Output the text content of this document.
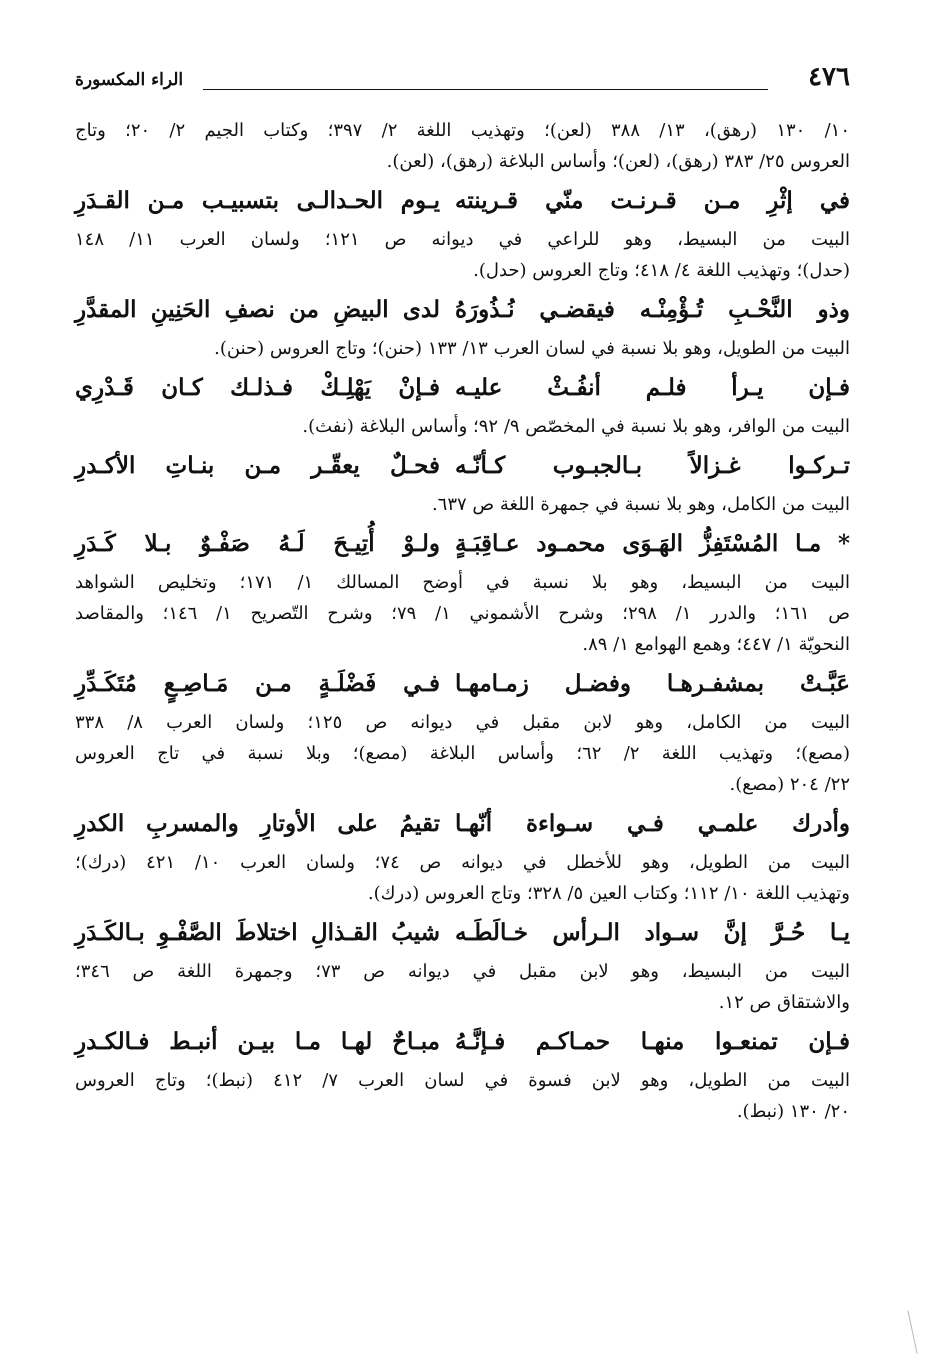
٤٧٦
الراء المكسورة
١٠/ ١٣٠ (رهق)، ١٣/ ٣٨٨ (لعن)؛ وتهذيب اللغة ٢/ ٣٩٧؛ وكتاب الجيم ٢/ ٢٠؛ وتاج
العروس ٢٥/ ٣٨٣ (رهق)، (لعن)؛ وأساس البلاغة (رهق)، (لعن).
في إثْرِ مـن قـرنـت منّي قـرينته
يـوم الحـدالـى بتسبيـب مـن القـدَرِ
البيت من البسيط، وهو للراعي في ديوانه ص ١٢١؛ ولسان العرب ١١/ ١٤٨
(حدل)؛ وتهذيب اللغة ٤/ ٤١٨؛ وتاج العروس (حدل).
وذو النَّحْـبِ تُـؤْمِنْـه فيقضـي نُـذُورَهُ
لدى البيضِ من نصفِ الحَنِينِ المقدَّرِ
البيت من الطويل، وهو بلا نسبة في لسان العرب ١٣/ ١٣٣ (حنن)؛ وتاج العروس (حنن).
فـإن يـرأ فلـم أنفُـثْ عليـه
فـإنْ يَهْلِـكْ فـذلـك كـان قَـدْرِي
البيت من الوافر، وهو بلا نسبة في المخصّص ٩/ ٩٢؛ وأساس البلاغة (نفث).
تـركـوا غـزالاً بـالجبـوب كـأنّـه
فحـلٌ يعقّـر مـن بنـاتِ الأكـدرِ
البيت من الكامل، وهو بلا نسبة في جمهرة اللغة ص ٦٣٧.
* مـا المُسْتَفِزُّ الهَـوَى محمـود عـاقِبَـةٍ
ولـوْ أُتِيـحَ لَـهُ صَفْـوٌ بـلا كَـدَرِ
البيت من البسيط، وهو بلا نسبة في أوضح المسالك ١/ ١٧١؛ وتخليص الشواهد
ص ١٦١؛ والدرر ١/ ٢٩٨؛ وشرح الأشموني ١/ ٧٩؛ وشرح التّصريح ١/ ١٤٦؛ والمقاصد
النحويّة ١/ ٤٤٧؛ وهمع الهوامع ١/ ٨٩.
عَبَّـتْ بمشفـرهـا وفضـل زمـامهـا
فـي فَضْلَـةٍ مـن مَـاصِـعٍ مُتَكَـدِّرِ
البيت من الكامل، وهو لابن مقبل في ديوانه ص ١٢٥؛ ولسان العرب ٨/ ٣٣٨
(مصع)؛ وتهذيب اللغة ٢/ ٦٢؛ وأساس البلاغة (مصع)؛ وبلا نسبة في تاج العروس
٢٢/ ٢٠٤ (مصع).
وأدرك علمـي فـي سـواءة أنّهـا
تقيمُ على الأوتارِ والمسربِ الكدرِ
البيت من الطويل، وهو للأخطل في ديوانه ص ٧٤؛ ولسان العرب ١٠/ ٤٢١ (درك)؛
وتهذيب اللغة ١٠/ ١١٢؛ وكتاب العين ٥/ ٣٢٨؛ وتاج العروس (درك).
يـا حُـرَّ إنَّ سـواد الـرأس خـالَطَـه
شيبُ القـذالِ اختلاطَ الصَّفْـوِ بـالكَـدَرِ
البيت من البسيط، وهو لابن مقبل في ديوانه ص ٧٣؛ وجمهرة اللغة ص ٣٤٦؛
والاشتقاق ص ١٢.
فـإن تمنعـوا منهـا حمـاكـم فـإنَّـهُ
مبـاحٌ لهـا مـا بيـن أنبـط فـالكـدرِ
البيت من الطويل، وهو لابن فسوة في لسان العرب ٧/ ٤١٢ (نبط)؛ وتاج العروس
٢٠/ ١٣٠ (نبط).
